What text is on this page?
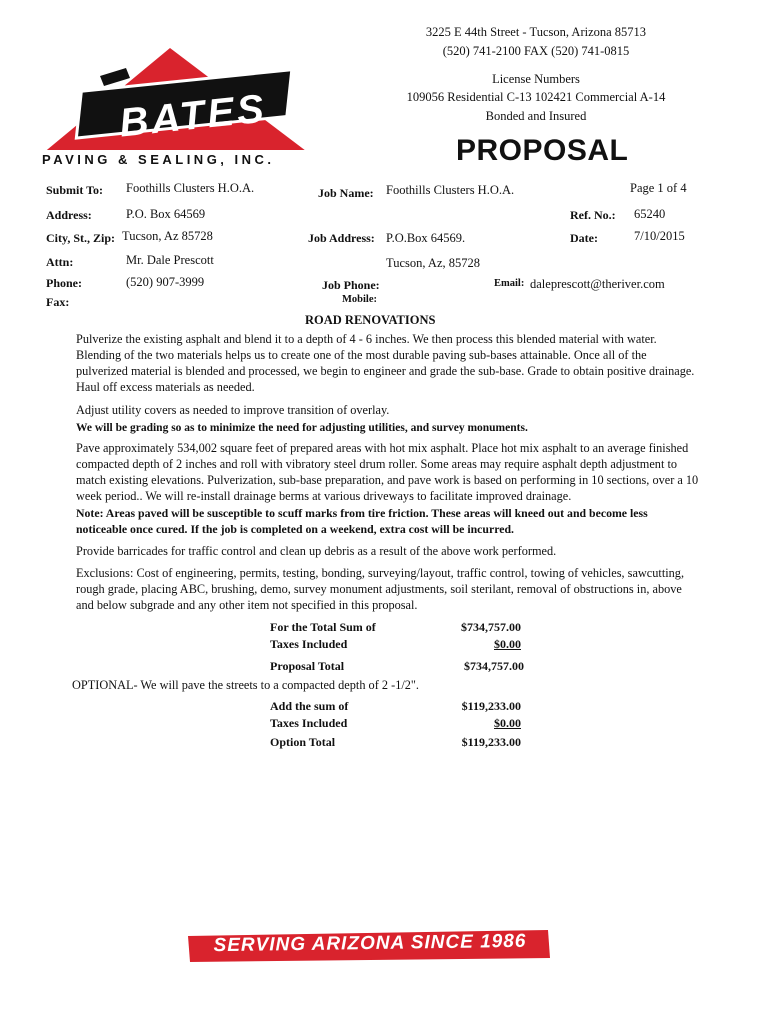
BATES
PAVING & SEALING, INC.
3225 E 44th Street - Tucson, Arizona 85713
(520) 741-2100 FAX (520) 741-0815
License Numbers
109056 Residential C-13 102421 Commercial A-14
Bonded and Insured
PROPOSAL
Submit To: Foothills Clusters H.O.A.
Address:	P.O. Box 64569
City, St., Zip: Tucson, Az 85728
Attn:	Mr. Dale Prescott
Phone:	(520) 907-3999
Fax:
Job Name: Foothills Clusters H.O.A.
Job Address: P.O.Box 64569.
Tucson, Az, 85728
Job Phone:
Mobile:
Page 1 of 4
Ref. No.: 65240
Date:	7/10/2015
Email: daleprescott@theriver.com
ROAD RENOVATIONS
Pulverize the existing asphalt and blend it to a depth of 4 - 6 inches. We then process this blended material with water. Blending of the two materials helps us to create one of the most durable paving sub-bases attainable. Once all of the pulverized material is blended and processed, we begin to engineer and grade the sub-base. Grade to obtain positive drainage. Haul off excess materials as needed.
Adjust utility covers as needed to improve transition of overlay.
We will be grading so as to minimize the need for adjusting utilities, and survey monuments.
Pave approximately 534,002 square feet of prepared areas with hot mix asphalt. Place hot mix asphalt to an average finished compacted depth of 2 inches and roll with vibratory steel drum roller. Some areas may require asphalt depth adjustment to match existing elevations. Pulverization, sub-base preparation, and pave work is based on performing in 10 sections, over a 10 week period.. We will re-install drainage berms at various driveways to facilitate improved drainage.
Note: Areas paved will be susceptible to scuff marks from tire friction. These areas will kneed out and become less noticeable once cured. If the job is completed on a weekend, extra cost will be incurred.
Provide barricades for traffic control and clean up debris as a result of the above work performed.
Exclusions: Cost of engineering, permits, testing, bonding, surveying/layout, traffic control, towing of vehicles, sawcutting, rough grade, placing ABC, brushing, demo, survey monument adjustments, soil sterilant, removal of obstructions in, above and below subgrade and any other item not specified in this proposal.
For the Total Sum of	$734,757.00
Taxes Included	$0.00
Proposal Total	$734,757.00
OPTIONAL- We will pave the streets to a compacted depth of 2 -1/2".
Add the sum of	$119,233.00
Taxes Included	$0.00
Option Total	$119,233.00
SERVING ARIZONA SINCE 1986
